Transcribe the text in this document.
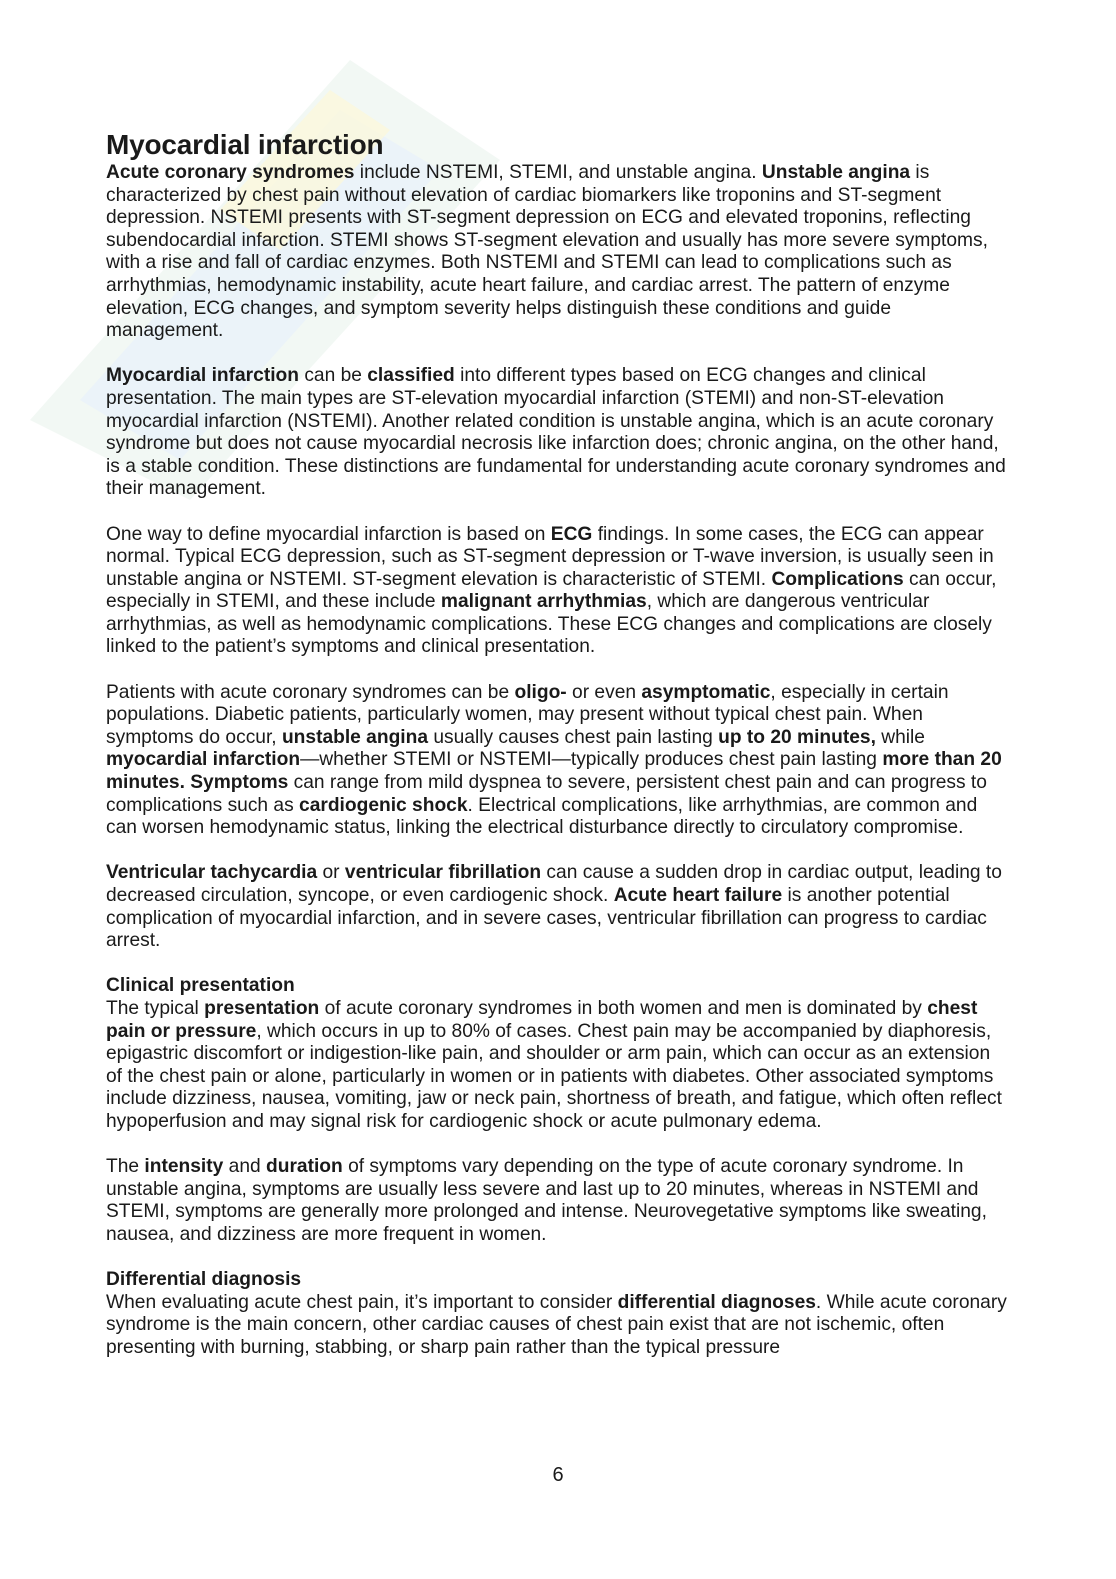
Myocardial infarction

Acute coronary syndromes include NSTEMI, STEMI, and unstable angina. Unstable angina is characterized by chest pain without elevation of cardiac biomarkers like troponins and ST-segment depression. NSTEMI presents with ST-segment depression on ECG and elevated troponins, reflecting subendocardial infarction. STEMI shows ST-segment elevation and usually has more severe symptoms, with a rise and fall of cardiac enzymes. Both NSTEMI and STEMI can lead to complications such as arrhythmias, hemodynamic instability, acute heart failure, and cardiac arrest. The pattern of enzyme elevation, ECG changes, and symptom severity helps distinguish these conditions and guide management.

Myocardial infarction can be classified into different types based on ECG changes and clinical presentation. The main types are ST-elevation myocardial infarction (STEMI) and non-ST-elevation myocardial infarction (NSTEMI). Another related condition is unstable angina, which is an acute coronary syndrome but does not cause myocardial necrosis like infarction does; chronic angina, on the other hand, is a stable condition. These distinctions are fundamental for understanding acute coronary syndromes and their management.

One way to define myocardial infarction is based on ECG findings. In some cases, the ECG can appear normal. Typical ECG depression, such as ST-segment depression or T-wave inversion, is usually seen in unstable angina or NSTEMI. ST-segment elevation is characteristic of STEMI. Complications can occur, especially in STEMI, and these include malignant arrhythmias, which are dangerous ventricular arrhythmias, as well as hemodynamic complications. These ECG changes and complications are closely linked to the patient’s symptoms and clinical presentation.

Patients with acute coronary syndromes can be oligo- or even asymptomatic, especially in certain populations. Diabetic patients, particularly women, may present without typical chest pain. When symptoms do occur, unstable angina usually causes chest pain lasting up to 20 minutes, while myocardial infarction—whether STEMI or NSTEMI—typically produces chest pain lasting more than 20 minutes. Symptoms can range from mild dyspnea to severe, persistent chest pain and can progress to complications such as cardiogenic shock. Electrical complications, like arrhythmias, are common and can worsen hemodynamic status, linking the electrical disturbance directly to circulatory compromise.

Ventricular tachycardia or ventricular fibrillation can cause a sudden drop in cardiac output, leading to decreased circulation, syncope, or even cardiogenic shock. Acute heart failure is another potential complication of myocardial infarction, and in severe cases, ventricular fibrillation can progress to cardiac arrest.

Clinical presentation

The typical presentation of acute coronary syndromes in both women and men is dominated by chest pain or pressure, which occurs in up to 80% of cases. Chest pain may be accompanied by diaphoresis, epigastric discomfort or indigestion-like pain, and shoulder or arm pain, which can occur as an extension of the chest pain or alone, particularly in women or in patients with diabetes. Other associated symptoms include dizziness, nausea, vomiting, jaw or neck pain, shortness of breath, and fatigue, which often reflect hypoperfusion and may signal risk for cardiogenic shock or acute pulmonary edema.

The intensity and duration of symptoms vary depending on the type of acute coronary syndrome. In unstable angina, symptoms are usually less severe and last up to 20 minutes, whereas in NSTEMI and STEMI, symptoms are generally more prolonged and intense. Neurovegetative symptoms like sweating, nausea, and dizziness are more frequent in women.

Differential diagnosis

When evaluating acute chest pain, it’s important to consider differential diagnoses. While acute coronary syndrome is the main concern, other cardiac causes of chest pain exist that are not ischemic, often presenting with burning, stabbing, or sharp pain rather than the typical pressure

6
